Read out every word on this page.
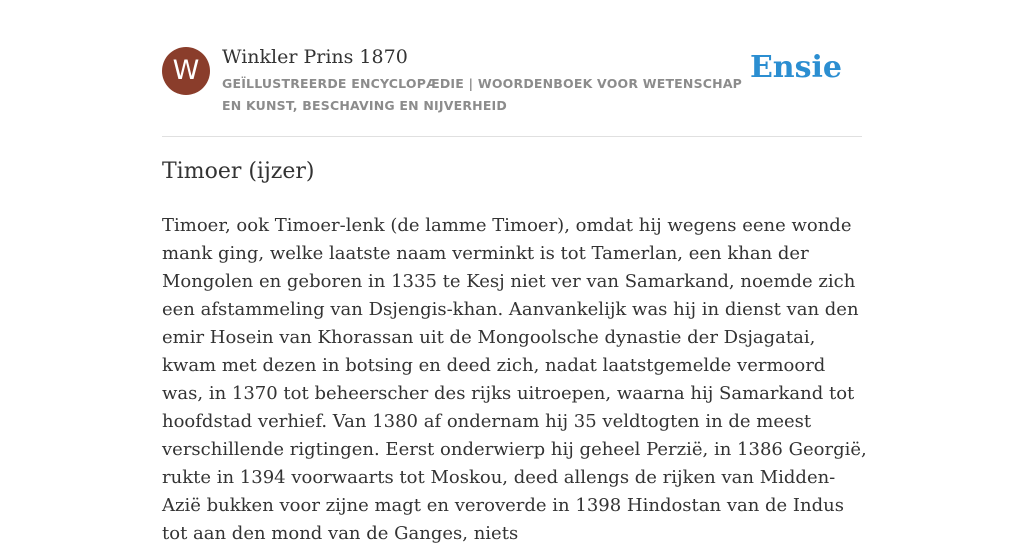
W	Winkler Prins 1870
GEÏLLUSTREERDE ENCYCLOPÆDIE | WOORDENBOEK VOOR WETENSCHAP EN KUNST, BESCHAVING EN NIJVERHEID
Ensie
Timoer (ijzer)

Timoer, ook Timoer-lenk (de lamme Timoer), omdat hij wegens eene wonde mank ging, welke laatste naam verminkt is tot Tamerlan, een khan der Mongolen en geboren in 1335 te Kesj niet ver van Samarkand, noemde zich een afstammeling van Dsjengis-khan. Aanvankelijk was hij in dienst van den emir Hosein van Khorassan uit de Mongoolsche dynastie der Dsjagatai, kwam met dezen in botsing en deed zich, nadat laatstgemelde vermoord was, in 1370 tot beheerscher des rijks uitroepen, waarna hij Samarkand tot hoofdstad verhief. Van 1380 af ondernam hij 35 veldtogten in de meest verschillende rigtingen. Eerst onderwierp hij geheel Perzië, in 1386 Georgië, rukte in 1394 voorwaarts tot Moskou, deed allengs de rijken van Midden-Azië bukken voor zijne magt en veroverde in 1398 Hindostan van de Indus tot aan den mond van de Ganges, niets
